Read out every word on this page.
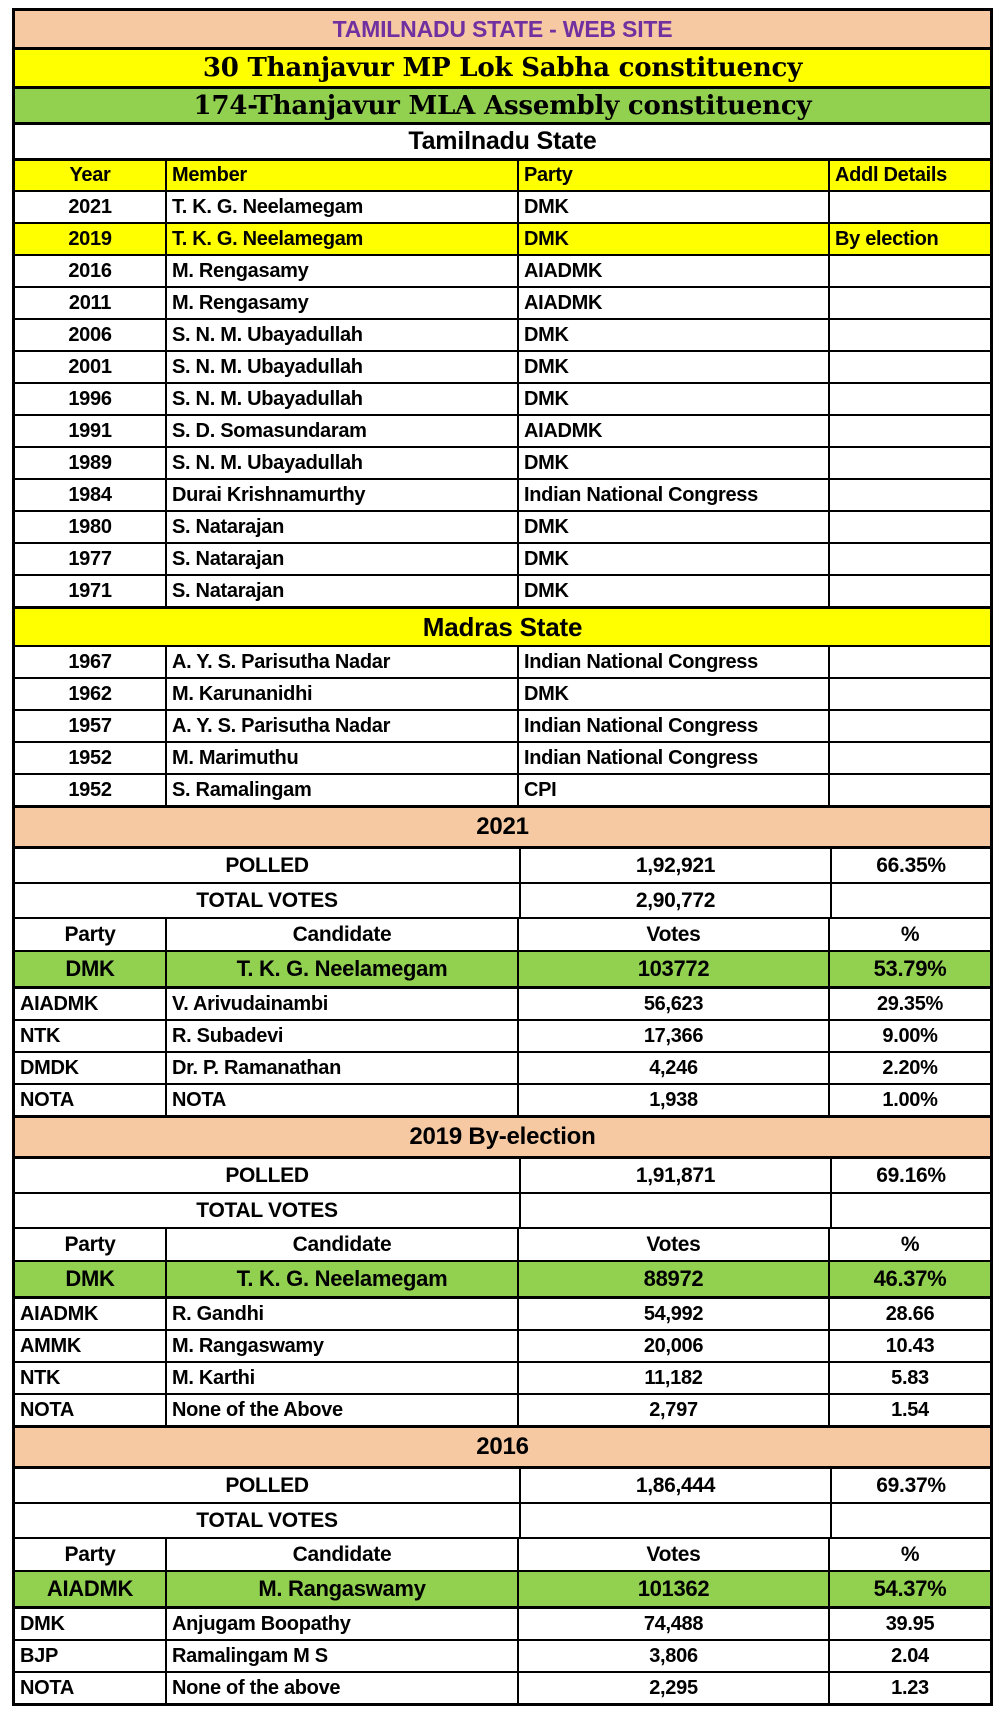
TAMILNADU STATE - WEB SITE
30 Thanjavur MP Lok Sabha constituency
174-Thanjavur MLA Assembly constituency
Tamilnadu State
Year	Member	Party	Addl Details
2021	T. K. G. Neelamegam	DMK
2019	T. K. G. Neelamegam	DMK	By election
2016	M. Rengasamy	AIADMK
2011	M. Rengasamy	AIADMK
2006	S. N. M. Ubayadullah	DMK
2001	S. N. M. Ubayadullah	DMK
1996	S. N. M. Ubayadullah	DMK
1991	S. D. Somasundaram	AIADMK
1989	S. N. M. Ubayadullah	DMK
1984	Durai Krishnamurthy	Indian National Congress
1980	S. Natarajan	DMK
1977	S. Natarajan	DMK
1971	S. Natarajan	DMK
Madras State
1967	A. Y. S. Parisutha Nadar	Indian National Congress
1962	M. Karunanidhi	DMK
1957	A. Y. S. Parisutha Nadar	Indian National Congress
1952	M. Marimuthu	Indian National Congress
1952	S. Ramalingam	CPI
2021
POLLED	1,92,921	66.35%
TOTAL VOTES	2,90,772
Party	Candidate	Votes	%
DMK	T. K. G. Neelamegam	103772	53.79%
AIADMK	V. Arivudainambi	56,623	29.35%
NTK	R. Subadevi	17,366	9.00%
DMDK	Dr. P. Ramanathan	4,246	2.20%
NOTA	NOTA	1,938	1.00%
2019 By-election
POLLED	1,91,871	69.16%
TOTAL VOTES
Party	Candidate	Votes	%
DMK	T. K. G. Neelamegam	88972	46.37%
AIADMK	R. Gandhi	54,992	28.66
AMMK	M. Rangaswamy	20,006	10.43
NTK	M. Karthi	11,182	5.83
NOTA	None of the Above	2,797	1.54
2016
POLLED	1,86,444	69.37%
TOTAL VOTES
Party	Candidate	Votes	%
AIADMK	M. Rangaswamy	101362	54.37%
DMK	Anjugam Boopathy	74,488	39.95
BJP	Ramalingam M S	3,806	2.04
NOTA	None of the above	2,295	1.23
